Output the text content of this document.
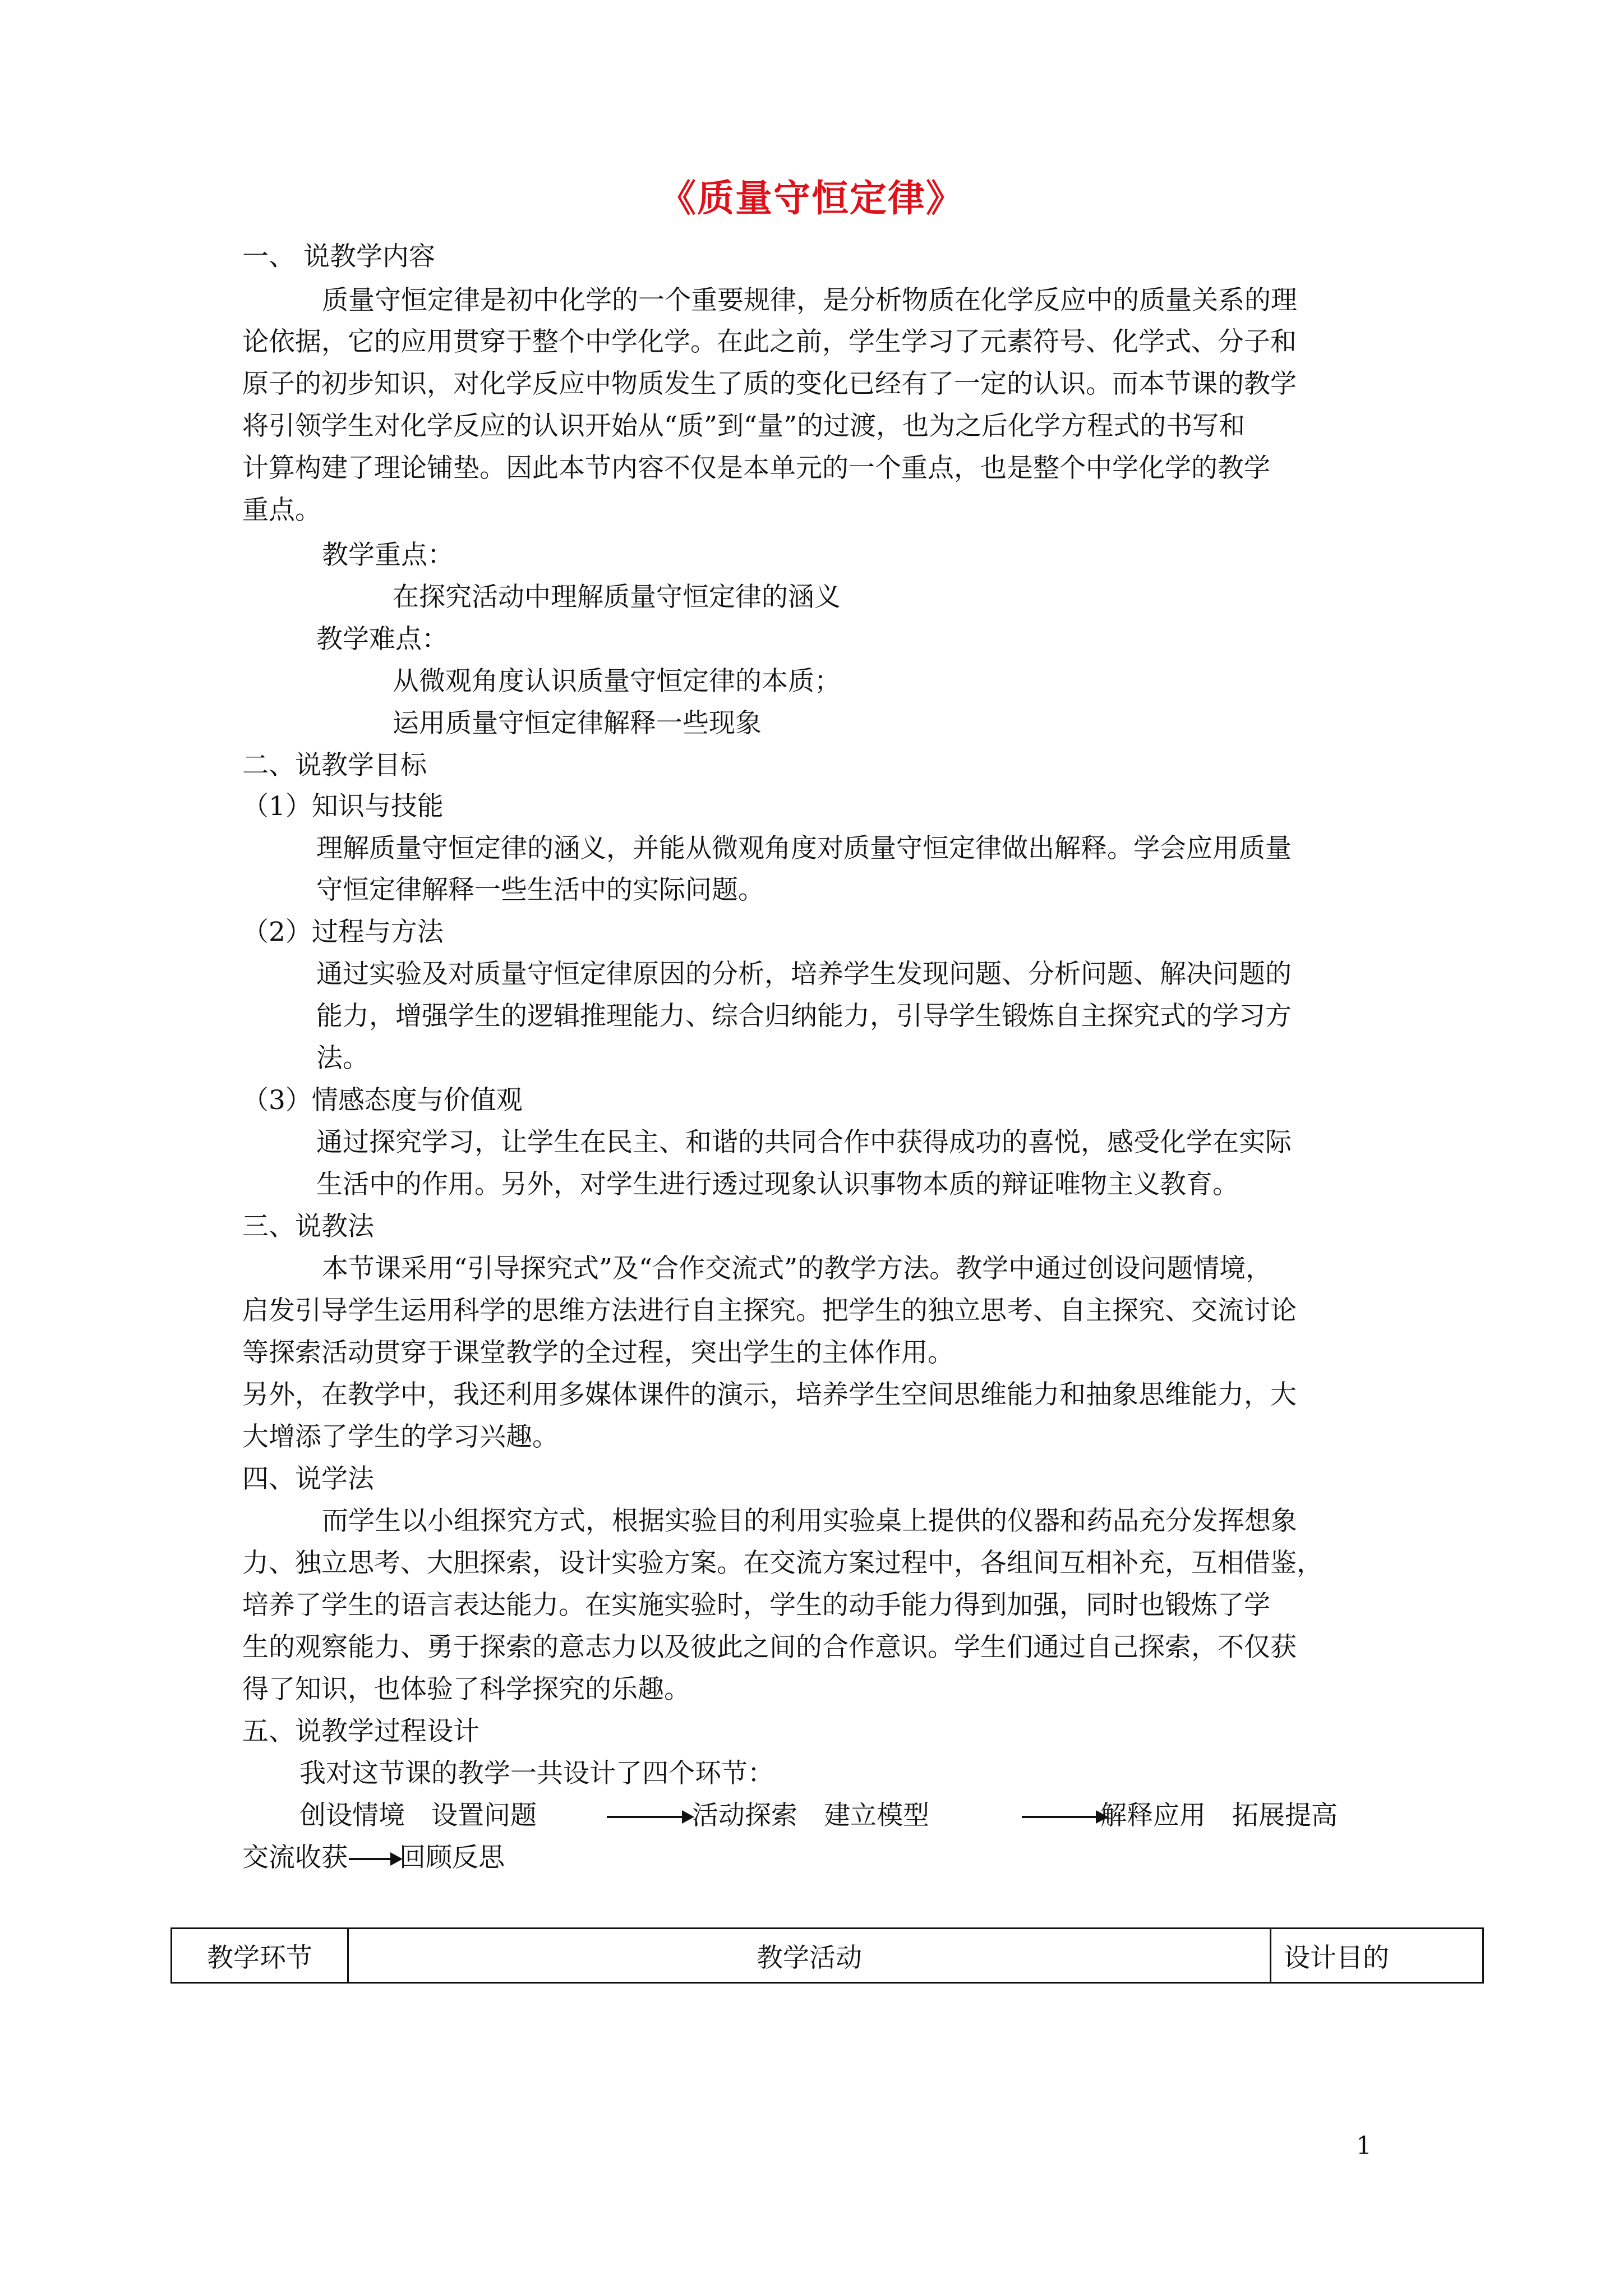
《质量守恒定律》
一、 说教学内容
质量守恒定律是初中化学的一个重要规律，是分析物质在化学反应中的质量关系的理
论依据，它的应用贯穿于整个中学化学。在此之前，学生学习了元素符号、化学式、分子和
原子的初步知识，对化学反应中物质发生了质的变化已经有了一定的认识。而本节课的教学
将引领学生对化学反应的认识开始从“质”到“量”的过渡，也为之后化学方程式的书写和
计算构建了理论铺垫。因此本节内容不仅是本单元的一个重点，也是整个中学化学的教学
重点。
教学重点：
在探究活动中理解质量守恒定律的涵义
教学难点：
从微观角度认识质量守恒定律的本质；
运用质量守恒定律解释一些现象
二、说教学目标
（1）知识与技能
理解质量守恒定律的涵义，并能从微观角度对质量守恒定律做出解释。学会应用质量
守恒定律解释一些生活中的实际问题。
（2）过程与方法
通过实验及对质量守恒定律原因的分析，培养学生发现问题、分析问题、解决问题的
能力，增强学生的逻辑推理能力、综合归纳能力，引导学生锻炼自主探究式的学习方
法。
（3）情感态度与价值观
通过探究学习，让学生在民主、和谐的共同合作中获得成功的喜悦，感受化学在实际
生活中的作用。另外，对学生进行透过现象认识事物本质的辩证唯物主义教育。
三、说教法
本节课采用“引导探究式”及“合作交流式”的教学方法。教学中通过创设问题情境，
启发引导学生运用科学的思维方法进行自主探究。把学生的独立思考、自主探究、交流讨论
等探索活动贯穿于课堂教学的全过程，突出学生的主体作用。
另外，在教学中，我还利用多媒体课件的演示，培养学生空间思维能力和抽象思维能力，大
大增添了学生的学习兴趣。
四、说学法
而学生以小组探究方式，根据实验目的利用实验桌上提供的仪器和药品充分发挥想象
力、独立思考、大胆探索，设计实验方案。在交流方案过程中，各组间互相补充，互相借鉴，
培养了学生的语言表达能力。在实施实验时，学生的动手能力得到加强，同时也锻炼了学
生的观察能力、勇于探索的意志力以及彼此之间的合作意识。学生们通过自己探索，不仅获
得了知识，也体验了科学探究的乐趣。
五、说教学过程设计
我对这节课的教学一共设计了四个环节：
创设情境　设置问题	活动探索　建立模型	解释应用　拓展提高
交流收获 回顾反思
教学环节	教学活动	设计目的
1
